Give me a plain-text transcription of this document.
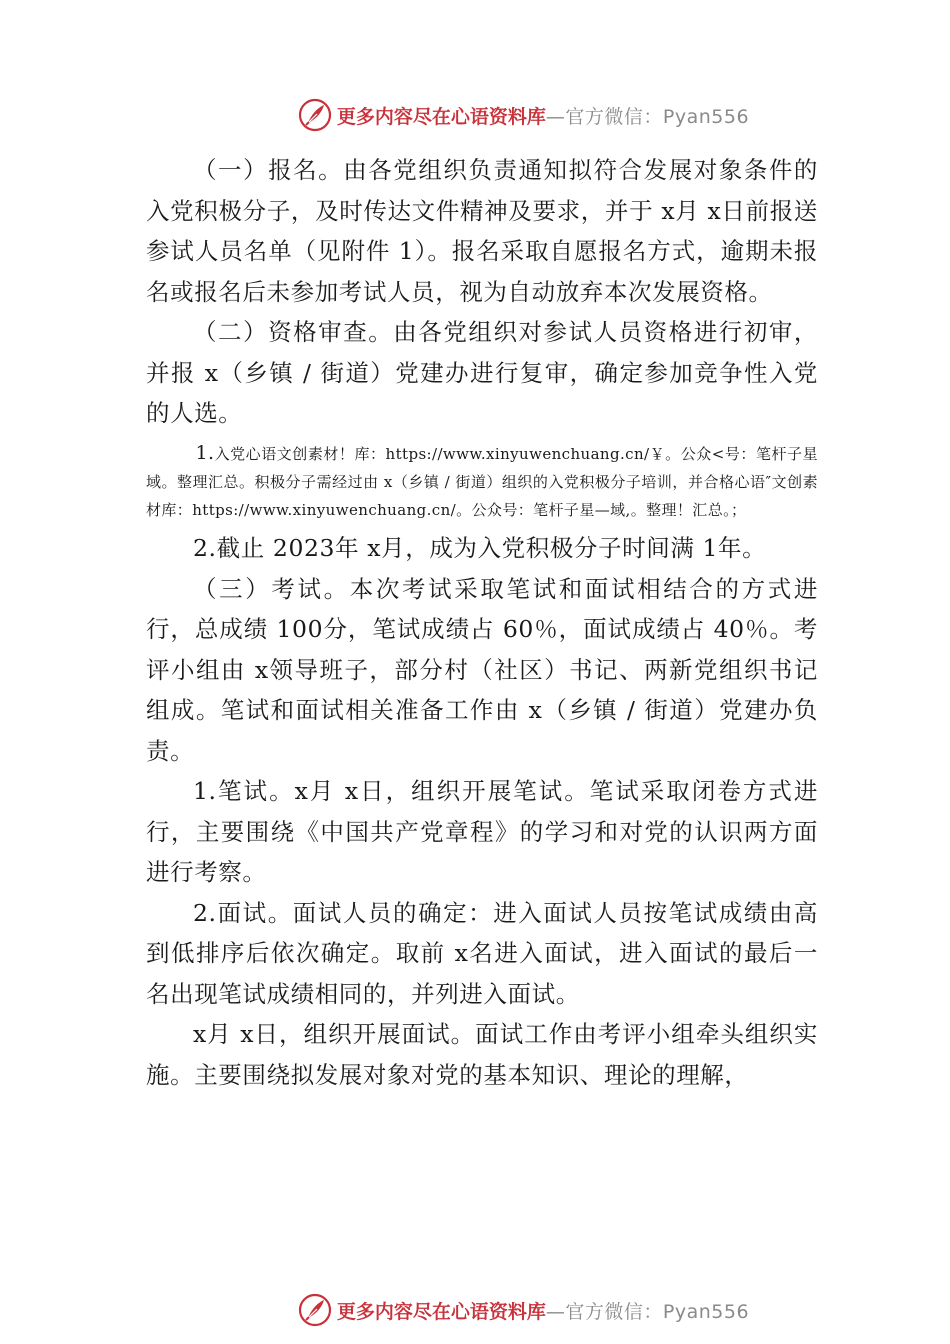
更多内容尽在心语资料库 —官方微信：Pyan556

（一）报名。由各党组织负责通知拟符合发展对象条件的入党积极分子，及时传达文件精神及要求，并于 x月 x日前报送参试人员名单（见附件 1）。报名采取自愿报名方式，逾期未报名或报名后未参加考试人员，视为自动放弃本次发展资格。

（二）资格审查。由各党组织对参试人员资格进行初审，并报 x（乡镇 / 街道）党建办进行复审，确定参加竞争性入党的人选。

1.入党心语文创素材！库：https://www.xinyuwenchuang.cn/￥。公众<号：笔杆子星域。整理汇总。积极分子需经过由 x（乡镇 / 街道）组织的入党积极分子培训，并合格心语″文创素材库：https://www.xinyuwenchuang.cn/。公众号：笔杆子星—域,。整理！汇总。；

2.截止 2023年 x月，成为入党积极分子时间满 1年。

（三）考试。本次考试采取笔试和面试相结合的方式进行，总成绩 100分，笔试成绩占 60％，面试成绩占 40％。考评小组由 x领导班子，部分村（社区）书记、两新党组织书记组成。笔试和面试相关准备工作由 x（乡镇 / 街道）党建办负责。

1.笔试。x月 x日，组织开展笔试。笔试采取闭卷方式进行，主要围绕《中国共产党章程》的学习和对党的认识两方面进行考察。

2.面试。面试人员的确定：进入面试人员按笔试成绩由高到低排序后依次确定。取前 x名进入面试，进入面试的最后一名出现笔试成绩相同的，并列进入面试。

x月 x日，组织开展面试。面试工作由考评小组牵头组织实施。主要围绕拟发展对象对党的基本知识、理论的理解，

更多内容尽在心语资料库 —官方微信：Pyan556
